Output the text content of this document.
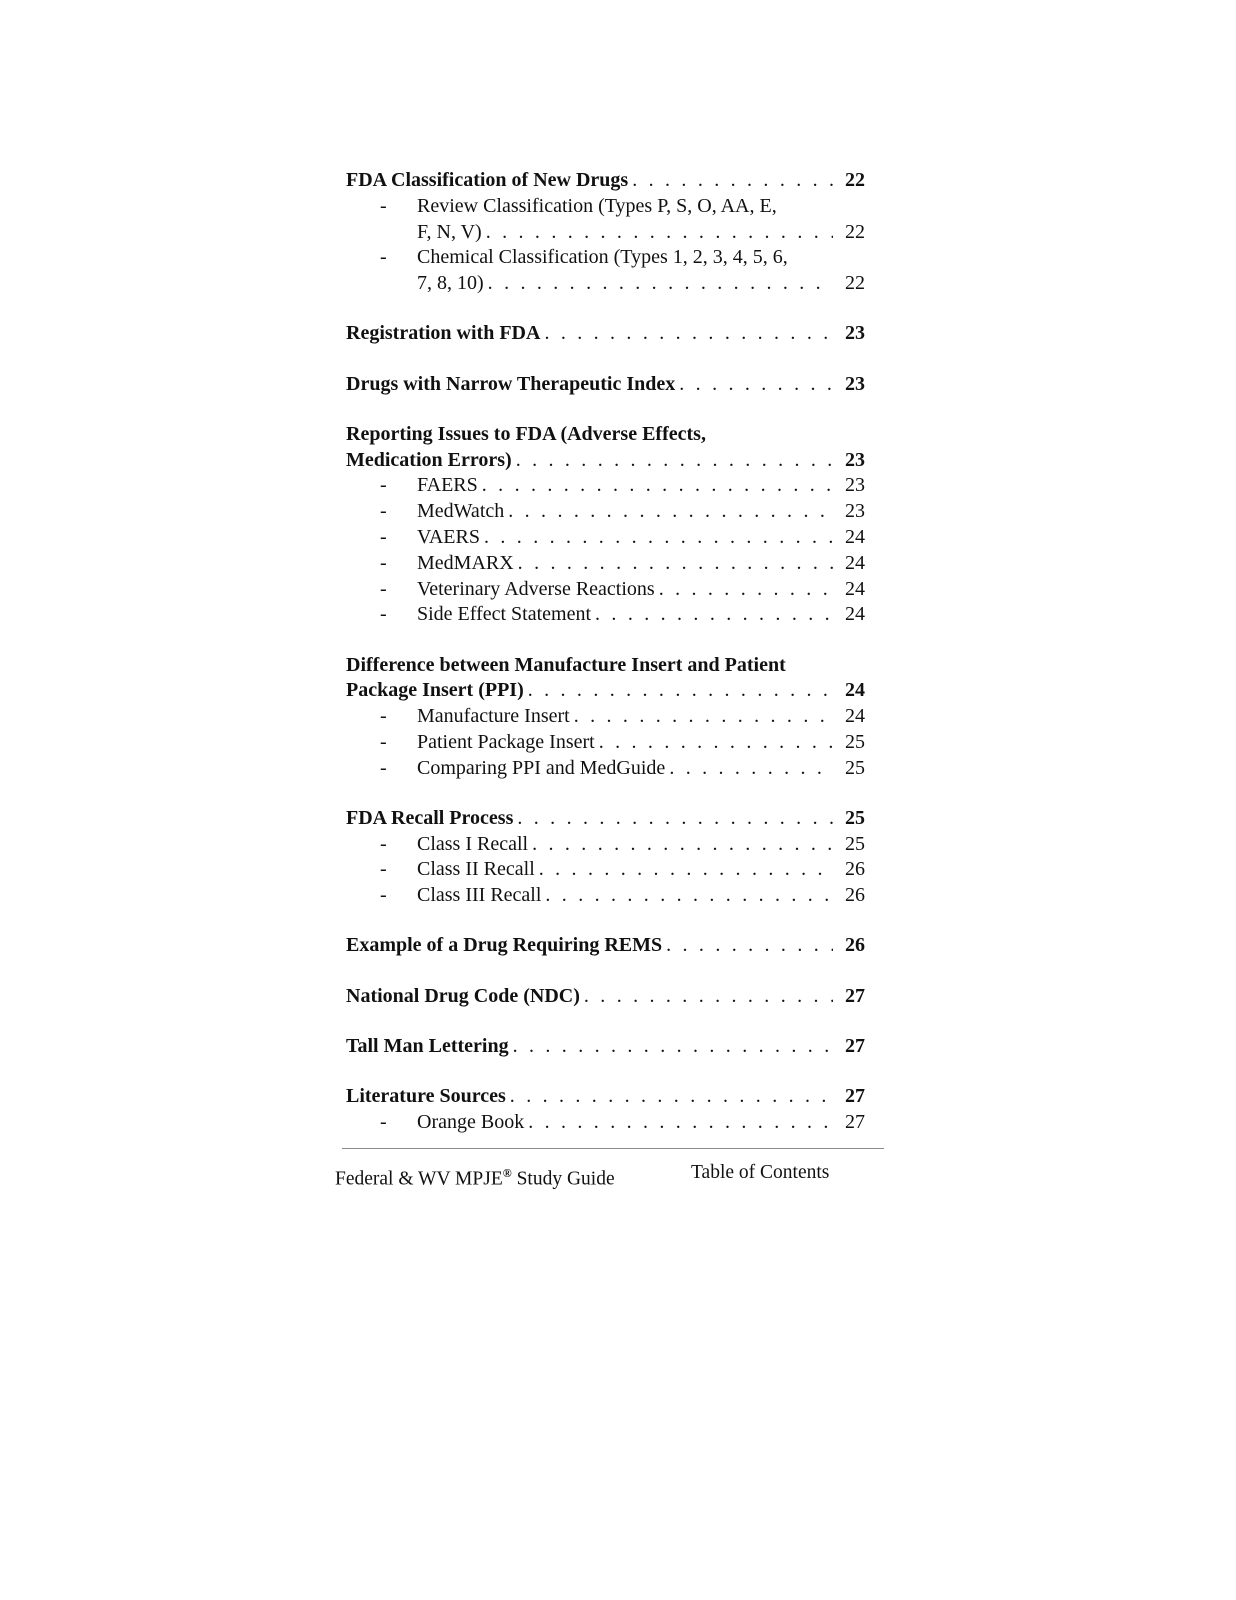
FDA Classification of New Drugs . . .	22
-	Review Classification (Types P, S, O, AA, E,
F, N, V) . . .	22
-	Chemical Classification (Types 1, 2, 3, 4, 5, 6,
7, 8, 10) . . .	22
Registration with FDA . . .	23
Drugs with Narrow Therapeutic Index . . .	23
Reporting Issues to FDA (Adverse Effects,
Medication Errors) . . .	23
-	FAERS . . .	23
-	MedWatch . . .	23
-	VAERS . . .	24
-	MedMARX . . .	24
-	Veterinary Adverse Reactions . . .	24
-	Side Effect Statement . . .	24
Difference between Manufacture Insert and Patient
Package Insert (PPI) . . .	24
-	Manufacture Insert . . .	24
-	Patient Package Insert . . .	25
-	Comparing PPI and MedGuide . . .	25
FDA Recall Process . . .	25
-	Class I Recall . . .	25
-	Class II Recall . . .	26
-	Class III Recall . . .	26
Example of a Drug Requiring REMS . . .	26
National Drug Code (NDC) . . .	27
Tall Man Lettering . . .	27
Literature Sources . . .	27
-	Orange Book . . .	27
Federal & WV MPJE® Study Guide	Table of Contents
